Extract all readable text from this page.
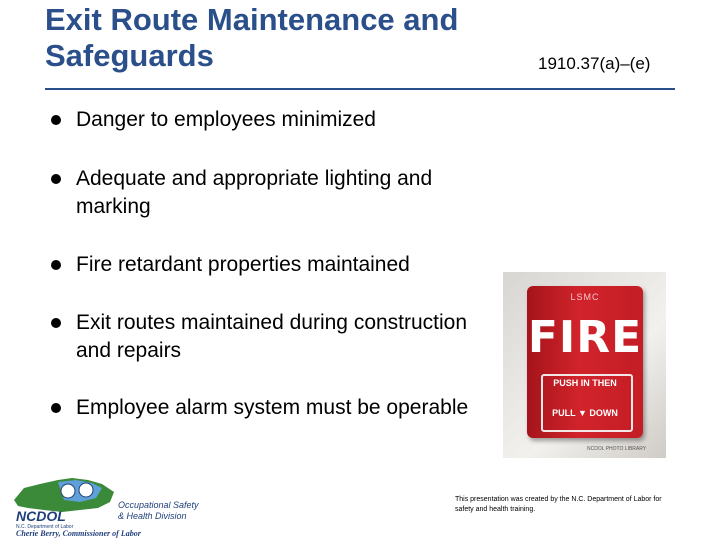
Exit Route Maintenance and Safeguards	1910.37(a)–(e)
Danger to employees minimized
Adequate and appropriate lighting and marking
Fire retardant properties maintained
Exit routes maintained during construction and repairs
Employee alarm system must be operable
LSMC
FIRE
PUSH IN THEN
PULL ▼ DOWN
NCDOL PHOTO LIBRARY
NCDOL
N.C. Department of Labor
Occupational Safety
& Health Division
Cherie Berry, Commissioner of Labor
This presentation was created by the N.C. Department of Labor for safety and health training.
